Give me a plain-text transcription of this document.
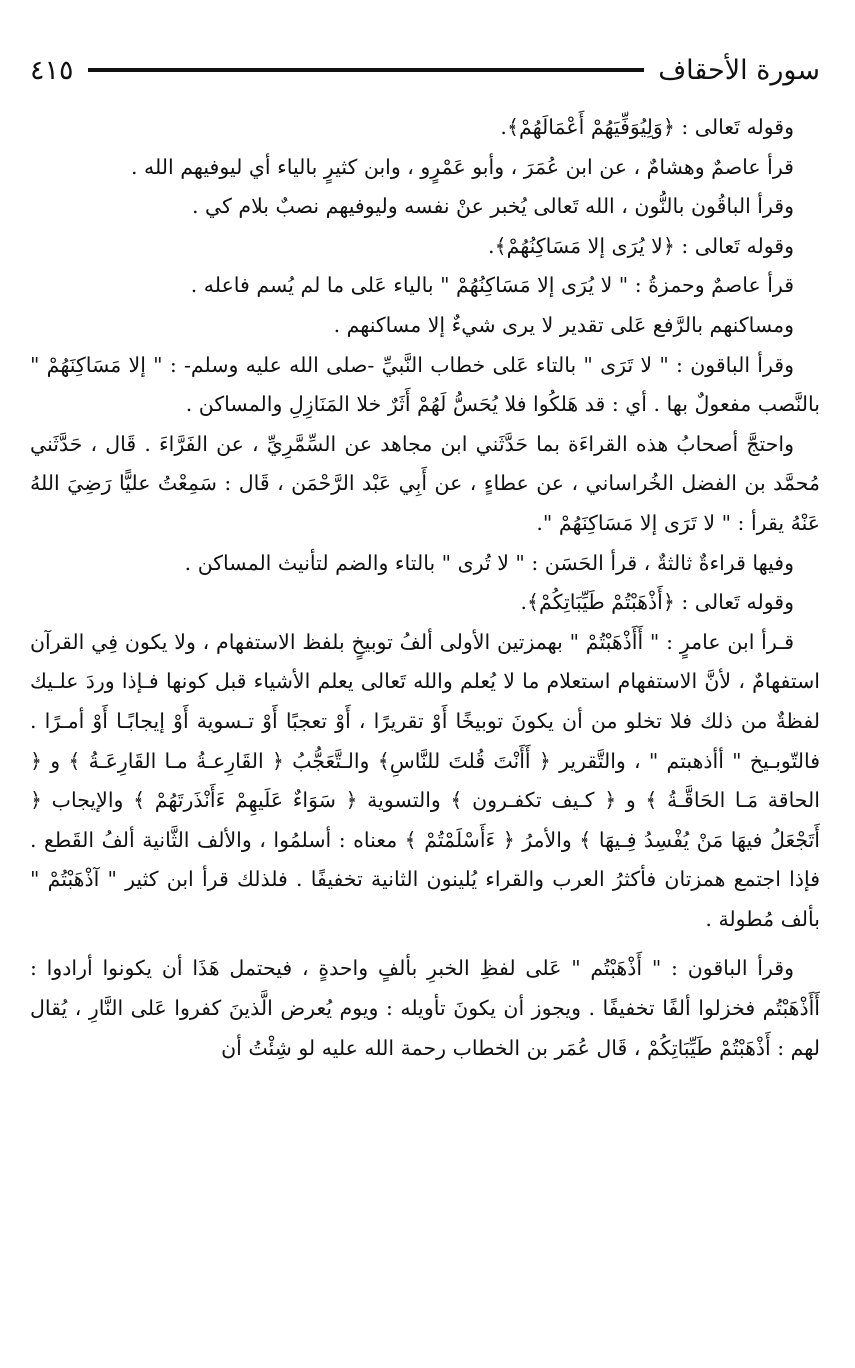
سورة الأحقاف
٤١٥

وقوله تَعالى : ﴿وَلِيُوَفِّيَهُمْ أَعْمَالَهُمْ﴾.

قرأ عاصمٌ وهشامٌ ، عن ابن عُمَرَ ، وأبو عَمْرٍو ، وابن كثيرٍ بالياء أي ليوفيهم الله .

وقرأ الباقُون بالنُّون ، الله تَعالى يُخبر عنْ نفسه وليوفيهم نصبٌ بلام كي .

وقوله تَعالى : ﴿لا يُرَى إلا مَسَاكِنُهُمْ﴾.

قرأ عاصمٌ وحمزةُ : " لا يُرَى إلا مَسَاكِنُهُمْ " بالياء عَلى ما لم يُسم فاعله .

ومساكنهم بالرَّفع عَلى تقدير لا يرى شيءٌ إلا مساكنهم .

وقرأ الباقون : " لا تَرَى " بالتاء عَلى خطاب النَّبيِّ -صلى الله عليه وسلم- : " إلا مَسَاكِنَهُمْ " بالنَّصب مفعولٌ بها . أي : قد هَلكُوا فلا يُحَسُّ لَهُمْ أَثَرٌ خلا المَنَازِلِ والمساكن .

واحتجَّ أصحابُ هذه القراءَة بما حَدَّثَني ابن مجاهد عن السِّمَّرِيِّ ، عن الفَرَّاءَ . قَال ، حَدَّثَني مُحمَّد بن الفضل الخُراساني ، عن عطاءٍ ، عن أَبِي عَبْد الرَّحْمَن ، قَال : سَمِعْتُ عليًّا رَضِيَ اللهُ عَنْهُ يقرأ : " لا تَرَى إلا مَسَاكِنَهُمْ ".

وفيها قراءةٌ ثالثةٌ ، قرأ الحَسَن : " لا تُرى " بالتاء والضم لتأنيث المساكن .

وقوله تَعالى : ﴿أَذْهَبْتُمْ طَيِّبَاتِكُمْ﴾.

قـرأ ابن عامرٍ : " أَأَذْهَبْتُمْ " بهمزتين الأولى ألفُ توبيخٍ بلفظ الاستفهام ، ولا يكون فِي القرآن استفهامٌ ، لأنَّ الاستفهام استعلام ما لا يُعلم والله تَعالى يعلم الأشياء قبل كونها فـإذا وردَ علـيك لفظةٌ من ذلك فلا تخلو من أن يكونَ توبيخًا أَوْ تقريرًا ، أَوْ تعجبًا أَوْ تـسوية أَوْ إيجابًـا أَوْ أمـرًا . فالتّوبـيخ " أأذهبتم " ، والتَّقرير ﴿ أَأَنْتَ قُلتَ للنَّاسِ﴾ والـتَّعَجُّبُ ﴿ القَارِعـةُ مـا القَارِعَـةُ ﴾ و ﴿ الحاقة مَـا الحَاقَّـةُ ﴾ و ﴿ كـيف تكفـرون ﴾ والتسوية ﴿ سَوَاءٌ عَلَيهِمْ ءَأَنْذَرتَهُمْ ﴾ والإيجاب ﴿ أَتَجْعَلُ فيهَا مَنْ يُفْسِدُ فِـيهَا ﴾ والأمرُ ﴿ ءَأَسْلَمْتُمْ ﴾ معناه : أسلمُوا ، والألف الثَّانية ألفُ القَطع . فإذا اجتمع همزتان فأكثرُ العرب والقراء يُلينون الثانية تخفيفًا . فلذلك قرأ ابن كثير " آذْهَبْتُمْ " بألف مُطولة .

وقرأ الباقون : " أَذْهَبْتُم " عَلى لفظِ الخبرِ بألفٍ واحدةٍ ، فيحتمل هَذَا أن يكونوا أرادوا : أَأَذْهَبْتُم فخزلوا ألفًا تخفيفًا . ويجوز أن يكونَ تأويله : ويوم يُعرض الَّذينَ كفروا عَلى النَّارِ ، يُقال لهم : أَذْهَبْتُمْ طَيِّبَاتِكُمْ ، قَال عُمَر بن الخطاب رحمة الله عليه لو شِئْتُ أن
